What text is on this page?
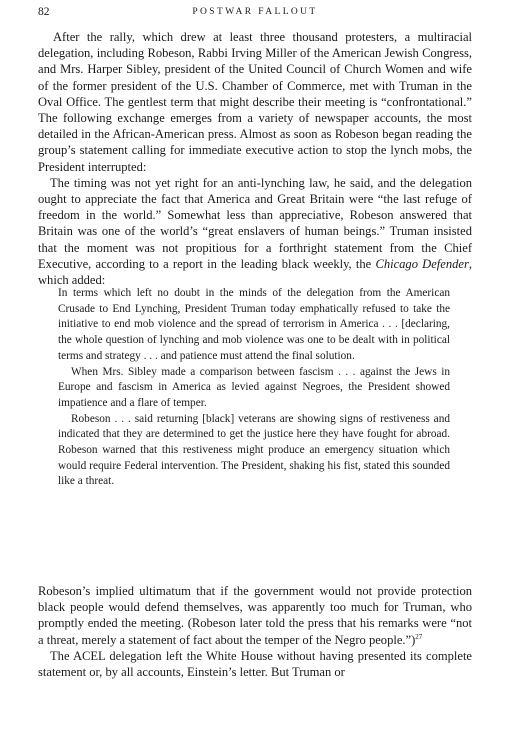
82	POSTWAR FALLOUT

After the rally, which drew at least three thousand protesters, a multiracial delegation, including Robeson, Rabbi Irving Miller of the American Jewish Congress, and Mrs. Harper Sibley, president of the United Council of Church Women and wife of the former president of the U.S. Chamber of Commerce, met with Truman in the Oval Office. The gentlest term that might describe their meeting is “confrontational.” The following exchange emerges from a variety of newspaper accounts, the most detailed in the African-American press. Almost as soon as Robeson began reading the group’s statement calling for immediate executive action to stop the lynch mobs, the President interrupted:

The timing was not yet right for an anti-lynching law, he said, and the delegation ought to appreciate the fact that America and Great Britain were “the last refuge of freedom in the world.” Somewhat less than appreciative, Robeson answered that Britain was one of the world’s “great enslavers of human beings.” Truman insisted that the moment was not propitious for a forthright statement from the Chief Executive, according to a report in the leading black weekly, the Chicago Defender, which added:

In terms which left no doubt in the minds of the delegation from the American Crusade to End Lynching, President Truman today emphatically refused to take the initiative to end mob violence and the spread of terrorism in America . . . [declaring, the whole question of lynching and mob violence was one to be dealt with in political terms and strategy . . . and patience must attend the final solution.

When Mrs. Sibley made a comparison between fascism . . . against the Jews in Europe and fascism in America as levied against Negroes, the President showed impatience and a flare of temper.

Robeson . . . said returning [black] veterans are showing signs of restiveness and indicated that they are determined to get the justice here they have fought for abroad. Robeson warned that this restiveness might produce an emergency situation which would require Federal intervention. The President, shaking his fist, stated this sounded like a threat.

Robeson’s implied ultimatum that if the government would not provide protection black people would defend themselves, was apparently too much for Truman, who promptly ended the meeting. (Robeson later told the press that his remarks were “not a threat, merely a statement of fact about the temper of the Negro people.”)$^{27}$

The ACEL delegation left the White House without having presented its complete statement or, by all accounts, Einstein’s letter. But Truman or
